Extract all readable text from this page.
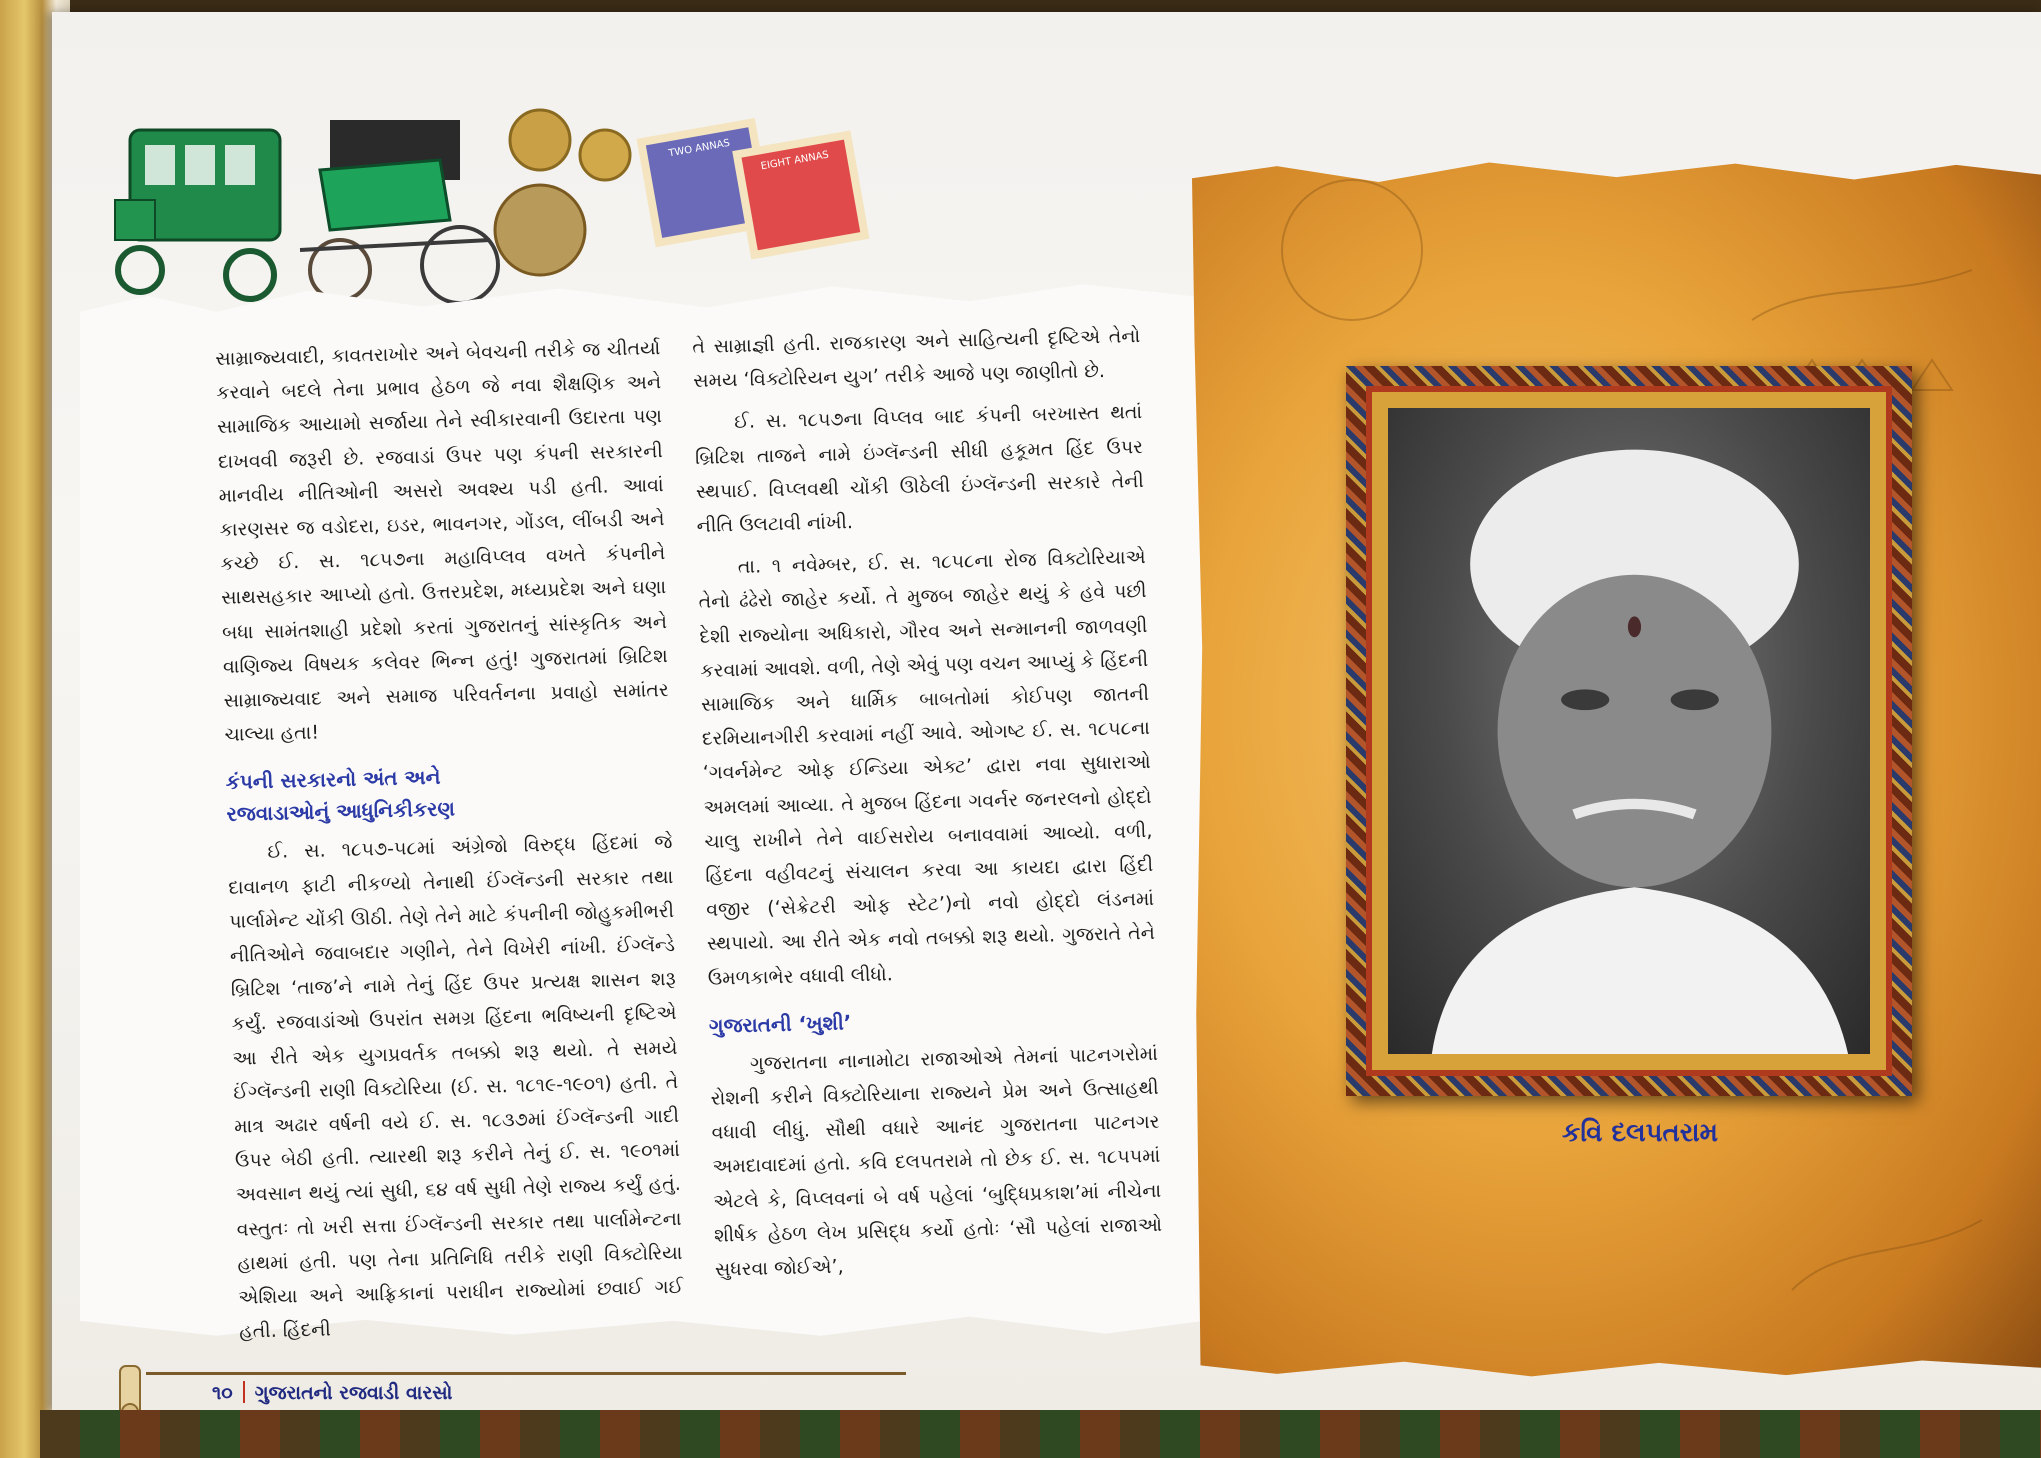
TWO ANNAS
EIGHT ANNAS

સામ્રાજ્યવાદી, કાવતરાખોર અને બેવચની તરીકે જ ચીતર્યા કરવાને બદલે તેના પ્રભાવ હેઠળ જે નવા શૈક્ષણિક અને સામાજિક આયામો સર્જાયા તેને સ્વીકારવાની ઉદારતા પણ દાખવવી જરૂરી છે. રજવાડાં ઉપર પણ કંપની સરકારની માનવીય નીતિઓની અસરો અવશ્ય પડી હતી. આવાં કારણસર જ વડોદરા, ઇડર, ભાવનગર, ગોંડલ, લીંબડી અને કચ્છે ઈ. સ. ૧૮૫૭ના મહાવિપ્લવ વખતે કંપનીને સાથસહકાર આપ્યો હતો. ઉત્તરપ્રદેશ, મધ્યપ્રદેશ અને ઘણા બધા સામંતશાહી પ્રદેશો કરતાં ગુજરાતનું સાંસ્કૃતિક અને વાણિજ્ય વિષયક કલેવર ભિન્ન હતું! ગુજરાતમાં બ્રિટિશ સામ્રાજ્યવાદ અને સમાજ પરિવર્તનના પ્રવાહો સમાંતર ચાલ્યા હતા!

કંપની સરકારનો અંત અને
રજવાડાઓનું આધુનિકીકરણ

ઈ. સ. ૧૮૫૭-૫૮માં અંગ્રેજો વિરુદ્ધ હિંદમાં જે દાવાનળ ફાટી નીકળ્યો તેનાથી ઈંગ્લૅન્ડની સરકાર તથા પાર્લામેન્ટ ચોંકી ઊઠી. તેણે તેને માટે કંપનીની જોહુકમીભરી નીતિઓને જવાબદાર ગણીને, તેને વિખેરી નાંખી. ઈંગ્લૅન્ડે બ્રિટિશ ‘તાજ’ને નામે તેનું હિંદ ઉપર પ્રત્યક્ષ શાસન શરૂ કર્યું. રજવાડાંઓ ઉપરાંત સમગ્ર હિંદના ભવિષ્યની દૃષ્ટિએ આ રીતે એક યુગપ્રવર્તક તબક્કો શરૂ થયો. તે સમયે ઈંગ્લૅન્ડની રાણી વિક્ટોરિયા (ઈ. સ. ૧૮૧૯-૧૯૦૧) હતી. તે માત્ર અઢાર વર્ષની વયે ઈ. સ. ૧૮૩૭માં ઈંગ્લૅન્ડની ગાદી ઉપર બેઠી હતી. ત્યારથી શરૂ કરીને તેનું ઈ. સ. ૧૯૦૧માં અવસાન થયું ત્યાં સુધી, ૬૪ વર્ષ સુધી તેણે રાજ્ય કર્યું હતું. વસ્તુતઃ તો ખરી સત્તા ઈંગ્લૅન્ડની સરકાર તથા પાર્લામેન્ટના હાથમાં હતી. પણ તેના પ્રતિનિધિ તરીકે રાણી વિક્ટોરિયા એશિયા અને આફ્રિકાનાં પરાધીન રાજ્યોમાં છવાઈ ગઈ હતી. હિંદની

તે સામ્રાજ્ઞી હતી. રાજકારણ અને સાહિત્યની દૃષ્ટિએ તેનો સમય ‘વિક્ટોરિયન યુગ’ તરીકે આજે પણ જાણીતો છે.

ઈ. સ. ૧૮૫૭ના વિપ્લવ બાદ કંપની બરખાસ્ત થતાં બ્રિટિશ તાજને નામે ઇંગ્લૅન્ડની સીધી હકૂમત હિંદ ઉપર સ્થપાઈ. વિપ્લવથી ચોંકી ઊઠેલી ઇંગ્લૅન્ડની સરકારે તેની નીતિ ઉલટાવી નાંખી.

તા. ૧ નવેમ્બર, ઈ. સ. ૧૮૫૮ના રોજ વિક્ટોરિયાએ તેનો ઢંઢેરો જાહેર કર્યો. તે મુજબ જાહેર થયું કે હવે પછી દેશી રાજ્યોના અધિકારો, ગૌરવ અને સન્માનની જાળવણી કરવામાં આવશે. વળી, તેણે એવું પણ વચન આપ્યું કે હિંદની સામાજિક અને ધાર્મિક બાબતોમાં કોઈપણ જાતની દરમિયાનગીરી કરવામાં નહીં આવે. ઓગષ્ટ ઈ. સ. ૧૮૫૮ના ‘ગવર્નમેન્ટ ઓફ ઈન્ડિયા એક્ટ’ દ્વારા નવા સુધારાઓ અમલમાં આવ્યા. તે મુજબ હિંદના ગવર્નર જનરલનો હોદ્દો ચાલુ રાખીને તેને વાઈસરોય બનાવવામાં આવ્યો. વળી, હિંદના વહીવટનું સંચાલન કરવા આ કાયદા દ્વારા હિંદી વજીર (‘સેક્રેટરી ઓફ સ્ટેટ’)નો નવો હોદ્દો લંડનમાં સ્થપાયો. આ રીતે એક નવો તબક્કો શરૂ થયો. ગુજરાતે તેને ઉમળકાભેર વધાવી લીધો.

ગુજરાતની ‘ખુશી’

ગુજરાતના નાનામોટા રાજાઓએ તેમનાં પાટનગરોમાં રોશની કરીને વિક્ટોરિયાના રાજ્યને પ્રેમ અને ઉત્સાહથી વધાવી લીધું. સૌથી વધારે આનંદ ગુજરાતના પાટનગર અમદાવાદમાં હતો. કવિ દલપતરામે તો છેક ઈ. સ. ૧૮૫૫માં એટલે કે, વિપ્લવનાં બે વર્ષ પહેલાં ‘બુદ્ધિપ્રકાશ’માં નીચેના શીર્ષક હેઠળ લેખ પ્રસિદ્ધ કર્યો હતોઃ ‘સૌ પહેલાં રાજાઓ સુધરવા જોઈએ’,

કવિ દલપતરામ
૧૦ ગુજરાતનો રજવાડી વારસો
